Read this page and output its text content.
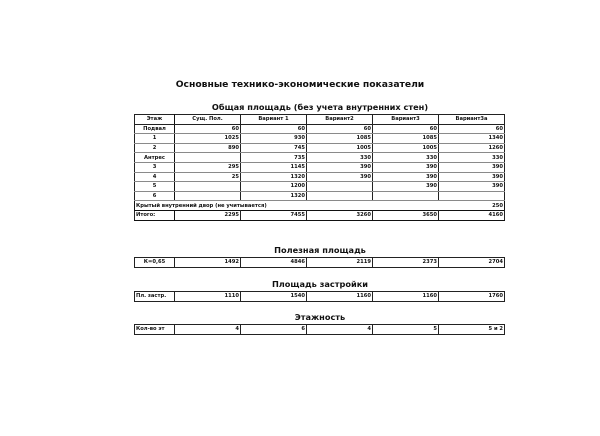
Основные технико-экономические показатели
Общая площадь (без учета внутренних стен)
Этаж	Сущ. Пол.	Вариант 1	Вариант2	Вариант3	Вариант3а
Подвал	60	60	60	60	60
1	1025	930	1085	1085	1340
2	890	745	1005	1005	1260
Антрес		735	330	330	330
3	295	1145	390	390	390
4	25	1320	390	390	390
5		1200		390	390
6		1320			
Крытый внутренний двор (не учитывается)					250
Итого:	2295	7455	3260	3650	4160
Полезная площадь
К=0,65	1492	4846	2119	2373	2704
Площадь застройки
Пл. застр.	1110	1540	1160	1160	1760
Этажность
Кол-во эт	4	6	4	5	5 и 2
